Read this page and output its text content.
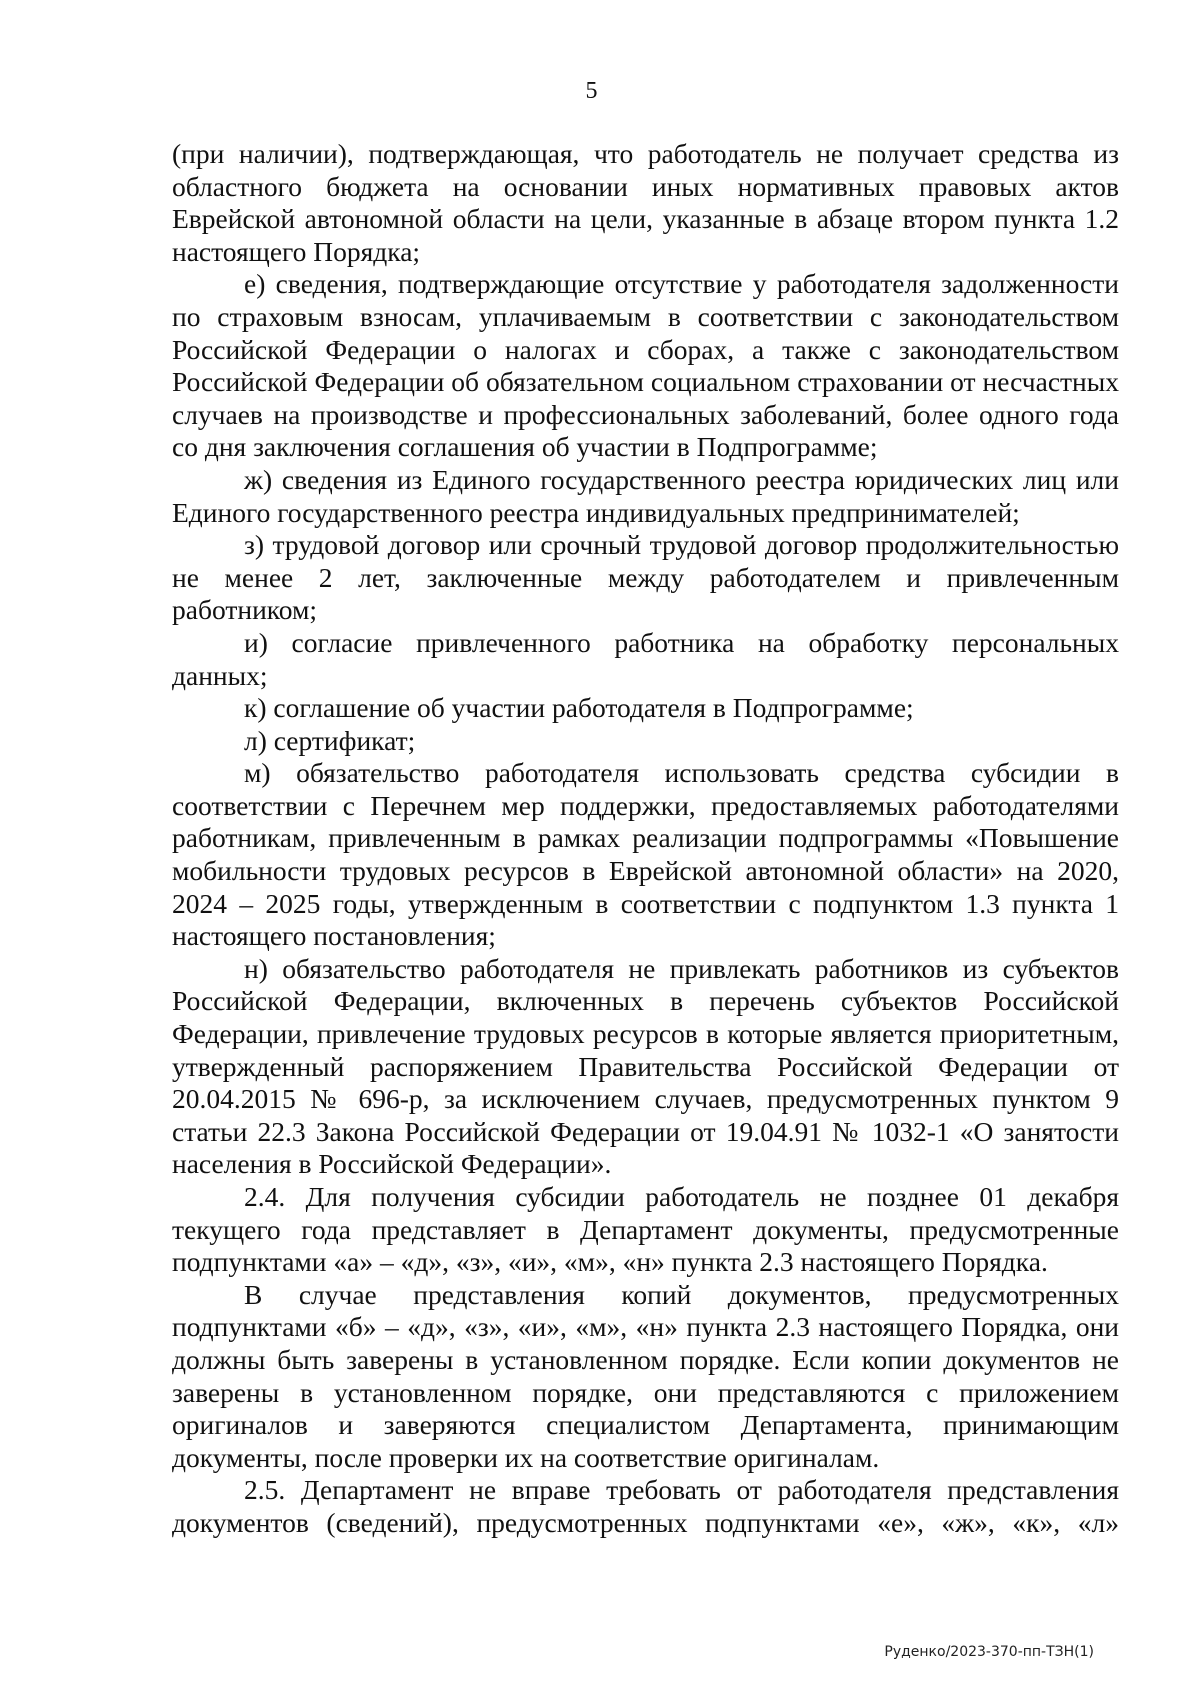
5

(при наличии), подтверждающая, что работодатель не получает средства из областного бюджета на основании иных нормативных правовых актов Еврейской автономной области на цели, указанные в абзаце втором пункта 1.2 настоящего Порядка;

е) сведения, подтверждающие отсутствие у работодателя задолженности по страховым взносам, уплачиваемым в соответствии с законодательством Российской Федерации о налогах и сборах, а также с законодательством Российской Федерации об обязательном социальном страховании от несчастных случаев на производстве и профессиональных заболеваний, более одного года со дня заключения соглашения об участии в Подпрограмме;

ж) сведения из Единого государственного реестра юридических лиц или Единого государственного реестра индивидуальных предпринимателей;

з) трудовой договор или срочный трудовой договор продолжительностью не менее 2 лет, заключенные между работодателем и привлеченным работником;

и) согласие привлеченного работника на обработку персональных данных;

к) соглашение об участии работодателя в Подпрограмме;

л) сертификат;

м) обязательство работодателя использовать средства субсидии в соответствии с Перечнем мер поддержки, предоставляемых работодателями работникам, привлеченным в рамках реализации подпрограммы «Повышение мобильности трудовых ресурсов в Еврейской автономной области» на 2020, 2024 – 2025 годы, утвержденным в соответствии с подпунктом 1.3 пункта 1 настоящего постановления;

н) обязательство работодателя не привлекать работников из субъектов Российской Федерации, включенных в перечень субъектов Российской Федерации, привлечение трудовых ресурсов в которые является приоритетным, утвержденный распоряжением Правительства Российской Федерации от 20.04.2015 № 696-р, за исключением случаев, предусмотренных пунктом 9 статьи 22.3 Закона Российской Федерации от 19.04.91 № 1032-1 «О занятости населения в Российской Федерации».

2.4. Для получения субсидии работодатель не позднее 01 декабря текущего года представляет в Департамент документы, предусмотренные подпунктами «а» – «д», «з», «и», «м», «н» пункта 2.3 настоящего Порядка.

В случае представления копий документов, предусмотренных подпунктами «б» – «д», «з», «и», «м», «н» пункта 2.3 настоящего Порядка, они должны быть заверены в установленном порядке. Если копии документов не заверены в установленном порядке, они представляются с приложением оригиналов и заверяются специалистом Департамента, принимающим документы, после проверки их на соответствие оригиналам.

2.5. Департамент не вправе требовать от работодателя представления документов (сведений), предусмотренных подпунктами «е», «ж», «к», «л»

Руденко/2023-370-пп-ТЗН(1)
